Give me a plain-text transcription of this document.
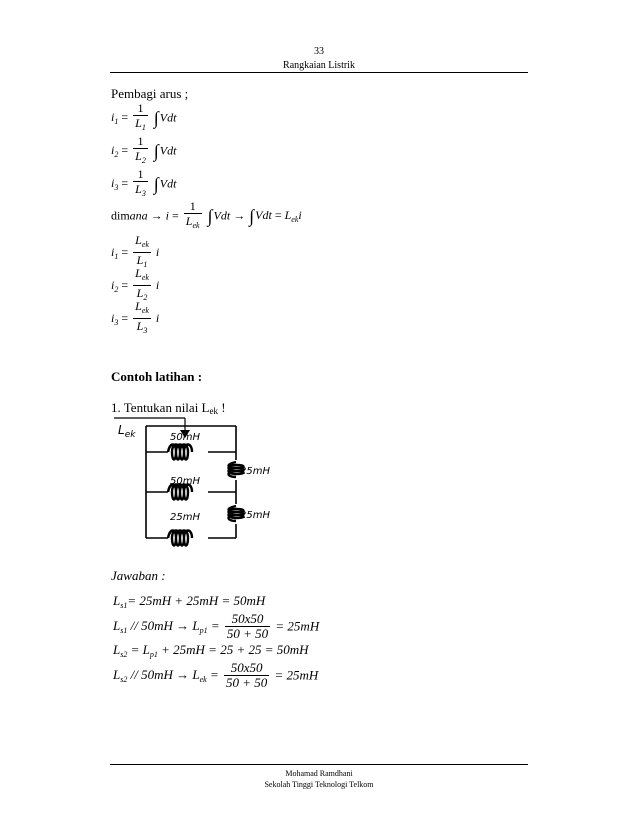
33
Rangkaian Listrik
Pembagi arus ;
$i_1 = \frac{1}{L_1} \int Vdt$
$i_2 = \frac{1}{L_2} \int Vdt$
$i_3 = \frac{1}{L_3} \int Vdt$
dimana → $i = \frac{1}{L_{ek}} \int Vdt \to \int Vdt = L_{ek}i$
$i_1 = \frac{L_{ek}}{L_1}$ i
$i_2 = \frac{L_{ek}}{L_2}$ i
$i_3 = \frac{L_{ek}}{L_3}$ i
Contoh latihan :
1. Tentukan nilai Lek !
$L_{ek}$	50mH
50mH
25mH
25mH
25mH
Jawaban :
$L_{s1}= 25mH + 25mH = 50mH$
$L_{s1} // 50mH \to L_{p1} = \frac{50x50}{50 + 50} = 25mH$
$L_{s2} = L_{p1} + 25mH = 25 + 25 = 50mH$
$L_{s2} // 50mH \to L_{ek} = \frac{50x50}{50 + 50} = 25mH$
Mohamad Ramdhani
Sekolah Tinggi Teknologi Telkom
